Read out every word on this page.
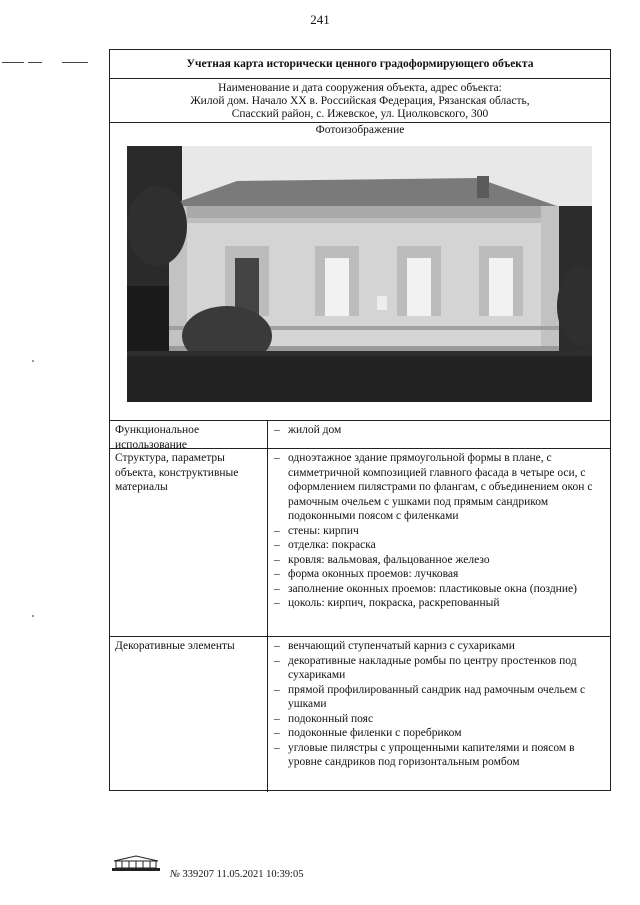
241
Учетная карта исторически ценного градоформирующего объекта
Наименование и дата сооружения объекта, адрес объекта:
Жилой дом. Начало XX в. Российская Федерация, Рязанская область,
Спасский район, с. Ижевское, ул. Циолковского, 300
Фотоизображение
Функциональное использование
– жилой дом
Структура, параметры объекта, конструктивные материалы
– одноэтажное здание прямоугольной формы в плане, с симметричной композицией главного фасада в четыре оси, с оформлением пилястрами по флангам, с объединением окон с рамочным очельем с ушками под прямым сандриком подоконными поясом с филенками
– стены: кирпич
– отделка: покраска
– кровля: вальмовая, фальцованное железо
– форма оконных проемов: лучковая
– заполнение оконных проемов: пластиковые окна (поздние)
– цоколь: кирпич, покраска, раскрепованный
Декоративные элементы	– венчающий ступенчатый карниз с сухариками
– декоративные накладные ромбы по центру простенков под сухариками
– прямой профилированный сандрик над рамочным очельем с ушками
– подоконный пояс
– подоконные филенки с поребриком
– угловые пилястры с упрощенными капителями и поясом в уровне сандриков под горизонтальным ромбом
№ 339207 11.05.2021 10:39:05
